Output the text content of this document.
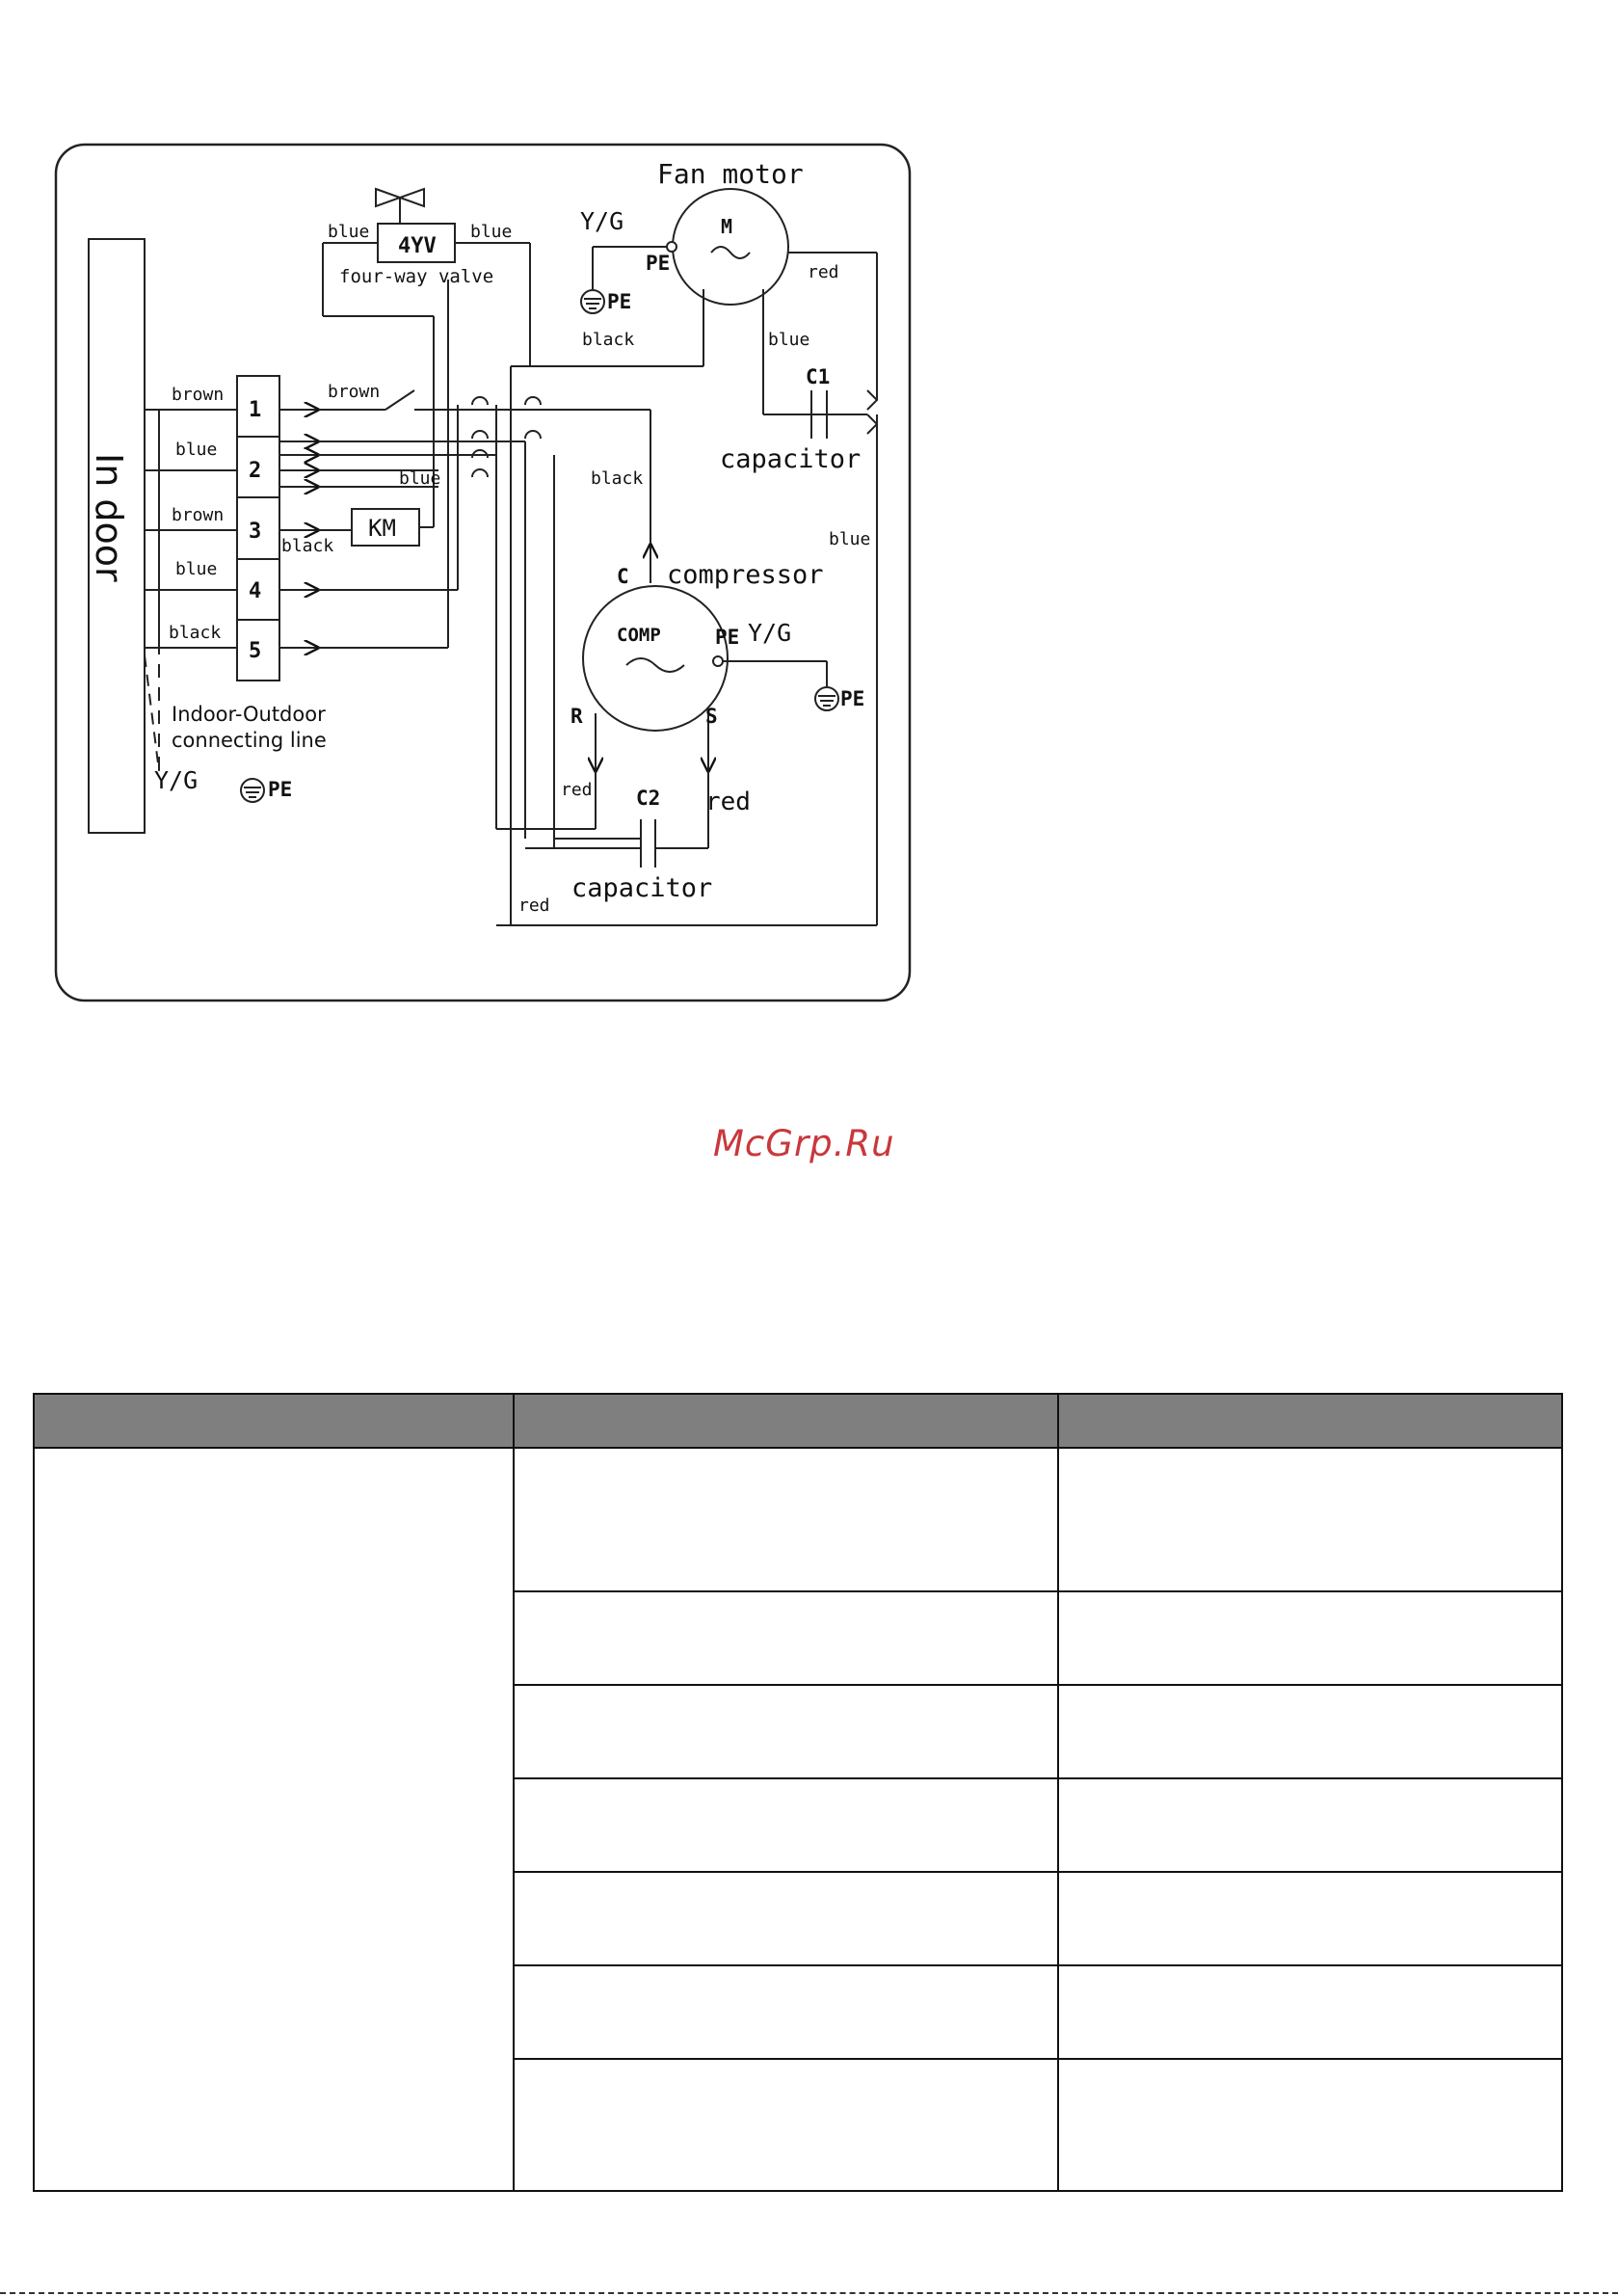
In door
Fan motor
M
4YV
four-way valve
KM
compressor
COMP
C1
capacitor
C2
capacitor
Y/G
PE
PE
PE Y/G
PE
Y/G	PE
C
R	S
Indoor-Outdoor
connecting line
1
2
3
4
5
brown
blue
brown
blue
black
brown
blue
black
blue	blue
black
red
blue
black
blue
red	red
red
McGrp.Ru
